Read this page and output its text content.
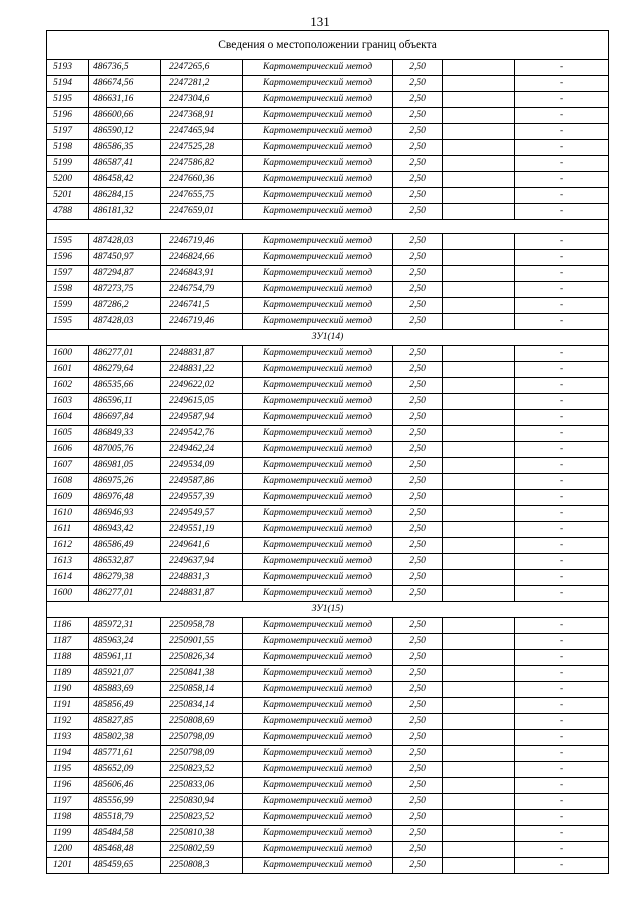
131
Сведения о местоположении границ объекта						
5193	486736,5	2247265,6	Картометрический метод	2,50		-
5194	486674,56	2247281,2	Картометрический метод	2,50		-
5195	486631,16	2247304,6	Картометрический метод	2,50		-
5196	486600,66	2247368,91	Картометрический метод	2,50		-
5197	486590,12	2247465,94	Картометрический метод	2,50		-
5198	486586,35	2247525,28	Картометрический метод	2,50		-
5199	486587,41	2247586,82	Картометрический метод	2,50		-
5200	486458,42	2247660,36	Картометрический метод	2,50		-
5201	486284,15	2247655,75	Картометрический метод	2,50		-
4788	486181,32	2247659,01	Картометрический метод	2,50		-

1595	487428,03	2246719,46	Картометрический метод	2,50		-
1596	487450,97	2246824,66	Картометрический метод	2,50		-
1597	487294,87	2246843,91	Картометрический метод	2,50		-
1598	487273,75	2246754,79	Картометрический метод	2,50		-
1599	487286,2	2246741,5	Картометрический метод	2,50		-
1595	487428,03	2246719,46	Картометрический метод	2,50		-
ЗУ1(14)						
1600	486277,01	2248831,87	Картометрический метод	2,50		-
1601	486279,64	2248831,22	Картометрический метод	2,50		-
1602	486535,66	2249622,02	Картометрический метод	2,50		-
1603	486596,11	2249615,05	Картометрический метод	2,50		-
1604	486697,84	2249587,94	Картометрический метод	2,50		-
1605	486849,33	2249542,76	Картометрический метод	2,50		-
1606	487005,76	2249462,24	Картометрический метод	2,50		-
1607	486981,05	2249534,09	Картометрический метод	2,50		-
1608	486975,26	2249587,86	Картометрический метод	2,50		-
1609	486976,48	2249557,39	Картометрический метод	2,50		-
1610	486946,93	2249549,57	Картометрический метод	2,50		-
1611	486943,42	2249551,19	Картометрический метод	2,50		-
1612	486586,49	2249641,6	Картометрический метод	2,50		-
1613	486532,87	2249637,94	Картометрический метод	2,50		-
1614	486279,38	2248831,3	Картометрический метод	2,50		-
1600	486277,01	2248831,87	Картометрический метод	2,50		-
ЗУ1(15)						
1186	485972,31	2250958,78	Картометрический метод	2,50		-
1187	485963,24	2250901,55	Картометрический метод	2,50		-
1188	485961,11	2250826,34	Картометрический метод	2,50		-
1189	485921,07	2250841,38	Картометрический метод	2,50		-
1190	485883,69	2250858,14	Картометрический метод	2,50		-
1191	485856,49	2250834,14	Картометрический метод	2,50		-
1192	485827,85	2250808,69	Картометрический метод	2,50		-
1193	485802,38	2250798,09	Картометрический метод	2,50		-
1194	485771,61	2250798,09	Картометрический метод	2,50		-
1195	485652,09	2250823,52	Картометрический метод	2,50		-
1196	485606,46	2250833,06	Картометрический метод	2,50		-
1197	485556,99	2250830,94	Картометрический метод	2,50		-
1198	485518,79	2250823,52	Картометрический метод	2,50		-
1199	485484,58	2250810,38	Картометрический метод	2,50		-
1200	485468,48	2250802,59	Картометрический метод	2,50		-
1201	485459,65	2250808,3	Картометрический метод	2,50		-
